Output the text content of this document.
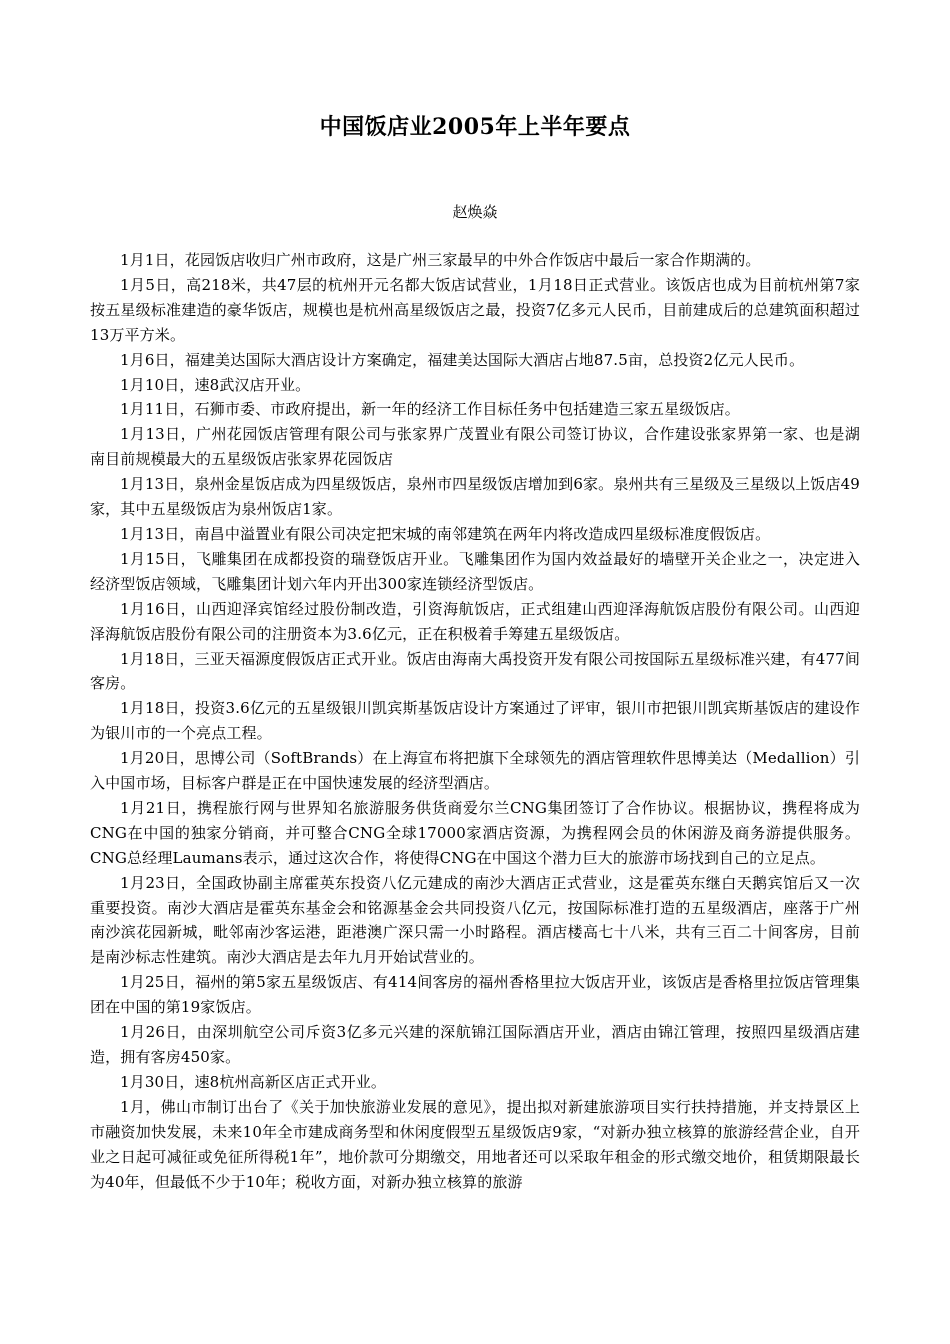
中国饭店业2005年上半年要点

赵焕焱

1月1日，花园饭店收归广州市政府，这是广州三家最早的中外合作饭店中最后一家合作期满的。

1月5日，高218米，共47层的杭州开元名都大饭店试营业，1月18日正式营业。该饭店也成为目前杭州第7家按五星级标准建造的豪华饭店，规模也是杭州高星级饭店之最，投资7亿多元人民币，目前建成后的总建筑面积超过13万平方米。

1月6日，福建美达国际大酒店设计方案确定，福建美达国际大酒店占地87.5亩，总投资2亿元人民币。

1月10日，速8武汉店开业。

1月11日，石狮市委、市政府提出，新一年的经济工作目标任务中包括建造三家五星级饭店。

1月13日，广州花园饭店管理有限公司与张家界广茂置业有限公司签订协议，合作建设张家界第一家、也是湖南目前规模最大的五星级饭店张家界花园饭店

1月13日，泉州金星饭店成为四星级饭店，泉州市四星级饭店增加到6家。泉州共有三星级及三星级以上饭店49家，其中五星级饭店为泉州饭店1家。

1月13日，南昌中溢置业有限公司决定把宋城的南邻建筑在两年内将改造成四星级标准度假饭店。

1月15日，飞雕集团在成都投资的瑞登饭店开业。飞雕集团作为国内效益最好的墙壁开关企业之一，决定进入经济型饭店领域，飞雕集团计划六年内开出300家连锁经济型饭店。

1月16日，山西迎泽宾馆经过股份制改造，引资海航饭店，正式组建山西迎泽海航饭店股份有限公司。山西迎泽海航饭店股份有限公司的注册资本为3.6亿元，正在积极着手筹建五星级饭店。

1月18日，三亚天福源度假饭店正式开业。饭店由海南大禹投资开发有限公司按国际五星级标准兴建，有477间客房。

1月18日，投资3.6亿元的五星级银川凯宾斯基饭店设计方案通过了评审，银川市把银川凯宾斯基饭店的建设作为银川市的一个亮点工程。

1月20日，思博公司（SoftBrands）在上海宣布将把旗下全球领先的酒店管理软件思博美达（Medallion）引入中国市场，目标客户群是正在中国快速发展的经济型酒店。

1月21日，携程旅行网与世界知名旅游服务供货商爱尔兰CNG集团签订了合作协议。根据协议，携程将成为CNG在中国的独家分销商，并可整合CNG全球17000家酒店资源，为携程网会员的休闲游及商务游提供服务。 CNG总经理Laumans表示，通过这次合作，将使得CNG在中国这个潜力巨大的旅游市场找到自己的立足点。

1月23日，全国政协副主席霍英东投资八亿元建成的南沙大酒店正式营业，这是霍英东继白天鹅宾馆后又一次重要投资。南沙大酒店是霍英东基金会和铭源基金会共同投资八亿元，按国际标准打造的五星级酒店，座落于广州南沙滨花园新城，毗邻南沙客运港，距港澳广深只需一小时路程。酒店楼高七十八米，共有三百二十间客房，目前是南沙标志性建筑。南沙大酒店是去年九月开始试营业的。

1月25日，福州的第5家五星级饭店、有414间客房的福州香格里拉大饭店开业，该饭店是香格里拉饭店管理集团在中国的第19家饭店。

1月26日，由深圳航空公司斥资3亿多元兴建的深航锦江国际酒店开业，酒店由锦江管理，按照四星级酒店建造，拥有客房450家。

1月30日，速8杭州高新区店正式开业。

1月，佛山市制订出台了《关于加快旅游业发展的意见》，提出拟对新建旅游项目实行扶持措施，并支持景区上市融资加快发展，未来10年全市建成商务型和休闲度假型五星级饭店9家，“对新办独立核算的旅游经营企业，自开业之日起可减征或免征所得税1年”，地价款可分期缴交，用地者还可以采取年租金的形式缴交地价，租赁期限最长为40年，但最低不少于10年；税收方面，对新办独立核算的旅游
